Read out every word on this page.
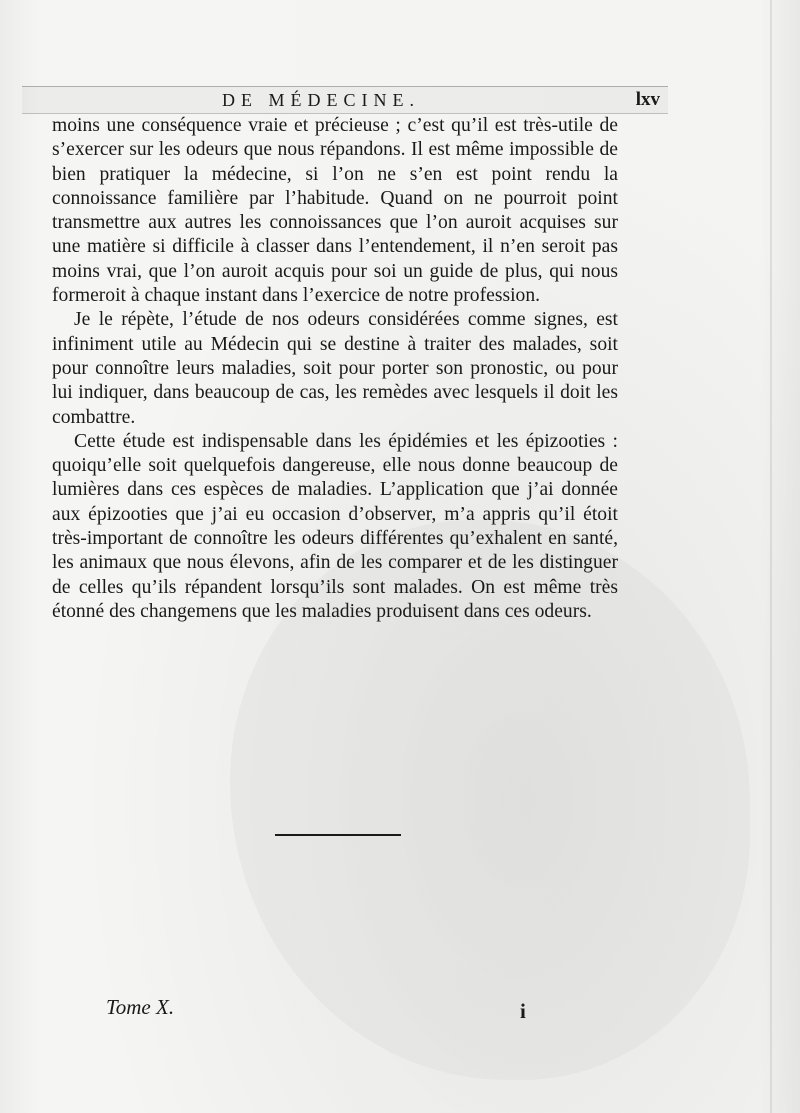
DE MÉDECINE.	lxv

moins une conséquence vraie et précieuse ; c’est qu’il est très-utile de s’exercer sur les odeurs que nous répandons. Il est même impossible de bien pratiquer la médecine, si l’on ne s’en est point rendu la connoissance familière par l’habitude. Quand on ne pourroit point transmettre aux autres les connoissances que l’on auroit acquises sur une matière si difficile à classer dans l’entendement, il n’en seroit pas moins vrai, que l’on auroit acquis pour soi un guide de plus, qui nous formeroit à chaque instant dans l’exercice de notre profession.

Je le répète, l’étude de nos odeurs considérées comme signes, est infiniment utile au Médecin qui se destine à traiter des malades, soit pour connoître leurs maladies, soit pour porter son pronostic, ou pour lui indiquer, dans beaucoup de cas, les remèdes avec lesquels il doit les combattre.

Cette étude est indispensable dans les épidémies et les épizooties : quoiqu’elle soit quelquefois dangereuse, elle nous donne beaucoup de lumières dans ces espèces de maladies. L’application que j’ai donnée aux épizooties que j’ai eu occasion d’observer, m’a appris qu’il étoit très-important de connoître les odeurs différentes qu’exhalent en santé, les animaux que nous élevons, afin de les comparer et de les distinguer de celles qu’ils répandent lorsqu’ils sont malades. On est même très étonné des changemens que les maladies produisent dans ces odeurs.

Tome X.	i
